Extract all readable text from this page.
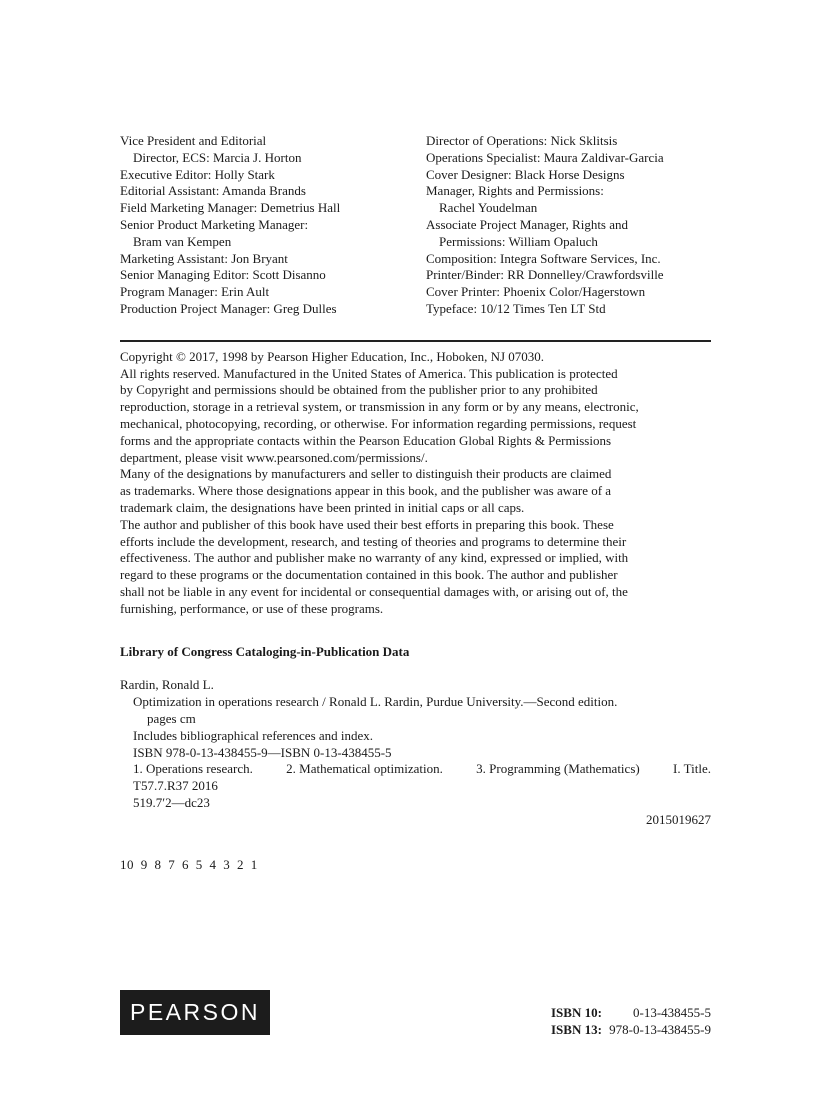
Vice President and Editorial
Director, ECS: Marcia J. Horton
Executive Editor: Holly Stark
Editorial Assistant: Amanda Brands
Field Marketing Manager: Demetrius Hall
Senior Product Marketing Manager:
Bram van Kempen
Marketing Assistant: Jon Bryant
Senior Managing Editor: Scott Disanno
Program Manager: Erin Ault
Production Project Manager: Greg Dulles
Director of Operations: Nick Sklitsis
Operations Specialist: Maura Zaldivar-Garcia
Cover Designer: Black Horse Designs
Manager, Rights and Permissions:
Rachel Youdelman
Associate Project Manager, Rights and
Permissions: William Opaluch
Composition: Integra Software Services, Inc.
Printer/Binder: RR Donnelley/Crawfordsville
Cover Printer: Phoenix Color/Hagerstown
Typeface: 10/12 Times Ten LT Std
Copyright © 2017, 1998 by Pearson Higher Education, Inc., Hoboken, NJ 07030.

All rights reserved. Manufactured in the United States of America. This publication is protected
by Copyright and permissions should be obtained from the publisher prior to any prohibited
reproduction, storage in a retrieval system, or transmission in any form or by any means, electronic,
mechanical, photocopying, recording, or otherwise. For information regarding permissions, request
forms and the appropriate contacts within the Pearson Education Global Rights & Permissions
department, please visit www.pearsoned.com/permissions/.

Many of the designations by manufacturers and seller to distinguish their products are claimed
as trademarks. Where those designations appear in this book, and the publisher was aware of a
trademark claim, the designations have been printed in initial caps or all caps.

The author and publisher of this book have used their best efforts in preparing this book. These
efforts include the development, research, and testing of theories and programs to determine their
effectiveness. The author and publisher make no warranty of any kind, expressed or implied, with
regard to these programs or the documentation contained in this book. The author and publisher
shall not be liable in any event for incidental or consequential damages with, or arising out of, the
furnishing, performance, or use of these programs.

Library of Congress Cataloging-in-Publication Data
Rardin, Ronald L.
Optimization in operations research / Ronald L. Rardin, Purdue University.—Second edition.
pages cm
Includes bibliographical references and index.
ISBN 978-0-13-438455-9—ISBN 0-13-438455-5
1. Operations research.	2. Mathematical optimization.	3. Programming (Mathematics)	I. Title.
T57.7.R37 2016
519.7′2—dc23
2015019627
10 9 8 7 6 5 4 3 2 1
PEARSON	ISBN 10:	0-13-438455-5
ISBN 13: 978-0-13-438455-9
